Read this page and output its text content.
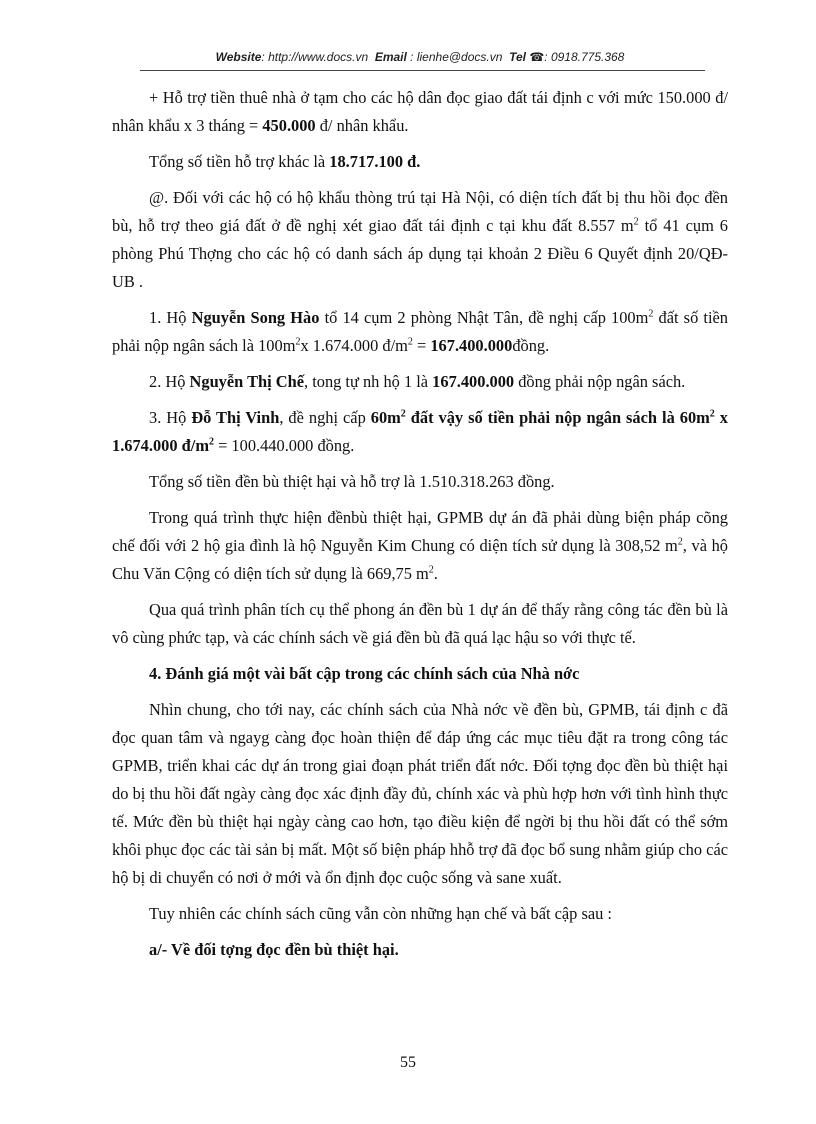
Website: http://www.docs.vn Email : lienhe@docs.vn Tel ☎: 0918.775.368

+ Hỗ trợ tiền thuê nhà ở tạm cho các hộ dân đọc giao đất tái định c với mức 150.000 đ/ nhân khẩu x 3 tháng = 450.000 đ/ nhân khẩu.

Tổng số tiền hỗ trợ khác là 18.717.100 đ.

@. Đối với các hộ có hộ khẩu thòng trú tại Hà Nội, có diện tích đất bị thu hồi đọc đền bù, hỗ trợ theo giá đất ở đề nghị xét giao đất tái định c tại khu đất 8.557 $m^2$ tổ 41 cụm 6 phòng Phú Thợng cho các hộ có danh sách áp dụng tại khoản 2 Điều 6 Quyết định 20/QĐ-UB .

1. Hộ Nguyễn Song Hào tổ 14 cụm 2 phòng Nhật Tân, đề nghị cấp $100m^2$ đất số tiền phải nộp ngân sách là $100m^2x$ 1.674.000 $đ/m^2$ = 167.400.000đồng.

2. Hộ Nguyễn Thị Chế, tong tự nh hộ 1 là 167.400.000 đồng phải nộp ngân sách.

3. Hộ Đỗ Thị Vinh, đề nghị cấp $60m^2$ đất vậy số tiền phải nộp ngân sách là $60m^2$ x 1.674.000 $đ/m^2 = 100.440.000$ đồng.

Tổng số tiền đền bù thiệt hại và hỗ trợ là 1.510.318.263 đồng.

Trong quá trình thực hiện đềnbù thiệt hại, GPMB dự án đã phải dùng biện pháp cõng chế đối với 2 hộ gia đình là hộ Nguyễn Kim Chung có diện tích sử dụng là 308,52 $m^2$, và hộ Chu Văn Cộng có diện tích sử dụng là 669,75 $m^2$.

Qua quá trình phân tích cụ thể phong án đền bù 1 dự án để thấy rằng công tác đền bù là vô cùng phức tạp, và các chính sách về giá đền bù đã quá lạc hậu so với thực tế.

4. Đánh giá một vài bất cập trong các chính sách của Nhà nớc

Nhìn chung, cho tới nay, các chính sách của Nhà nớc về đền bù, GPMB, tái định c đã đọc quan tâm và ngayg càng đọc hoàn thiện để đáp ứng các mục tiêu đặt ra trong công tác GPMB, triển khai các dự án trong giai đoạn phát triển đất nớc. Đối tợng đọc đền bù thiệt hại do bị thu hồi đất ngày càng đọc xác định đầy đủ, chính xác và phù hợp hơn với tình hình thực tế. Mức đền bù thiệt hại ngày càng cao hơn, tạo điều kiện để ngời bị thu hồi đất có thể sớm khôi phục đọc các tài sản bị mất. Một số biện pháp hhỗ trợ đã đọc bổ sung nhằm giúp cho các hộ bị di chuyển có nơi ở mới và ổn định đọc cuộc sống và sane xuất.

Tuy nhiên các chính sách cũng vẫn còn những hạn chế và bất cập sau :

a/- Về đối tợng đọc đền bù thiệt hại.

55
